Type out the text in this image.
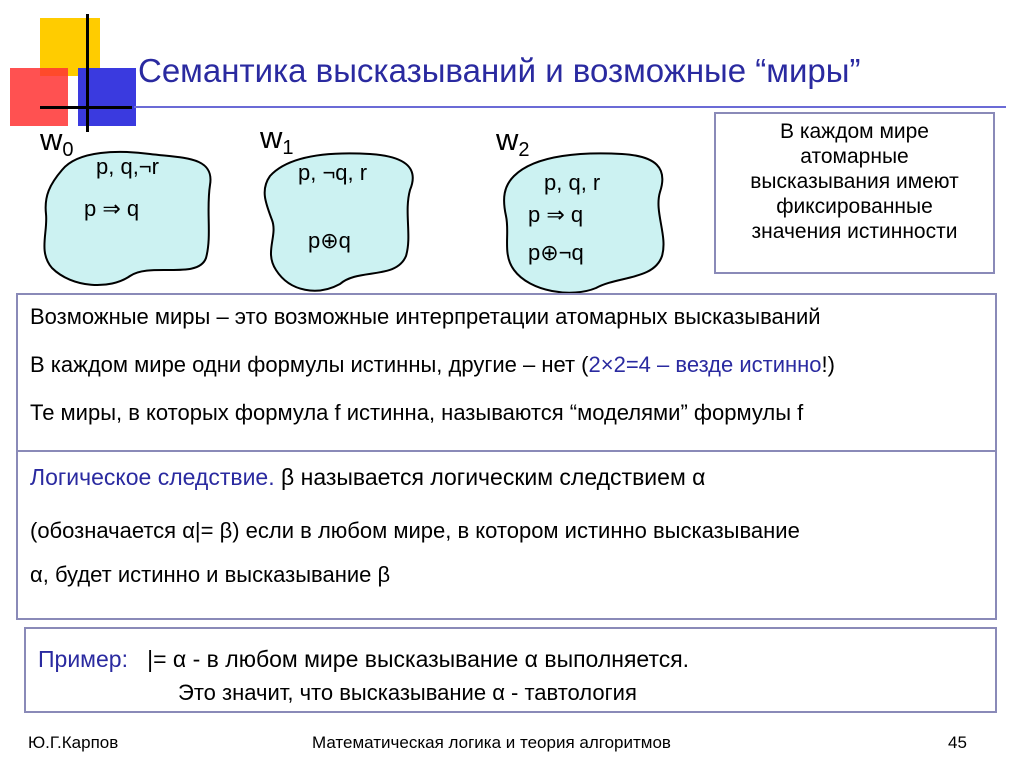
Семантика высказываний и возможные “миры”
$w_0$
p, q,¬r
p ⇒ q
$w_1$
p, ¬q, r
p⊕q
$w_2$
p, q, r
p ⇒ q
p⊕¬q
В каждом мире
атомарные
высказывания имеют
фиксированные
значения истинности
Возможные миры – это возможные интерпретации атомарных высказываний
В каждом мире одни формулы истинны, другие – нет (2×2=4 – везде истинно!)
Те миры, в которых формула f истинна, называются “моделями” формулы f
Логическое следствие. β называется логическим следствием α
(обозначается α|= β) если в любом мире, в котором истинно высказывание
α, будет истинно и высказывание β
Пример: |= α - в любом мире высказывание α выполняется.
Это значит, что высказывание α - тавтология
Ю.Г.Карпов	Математическая логика и теория алгоритмов	45
